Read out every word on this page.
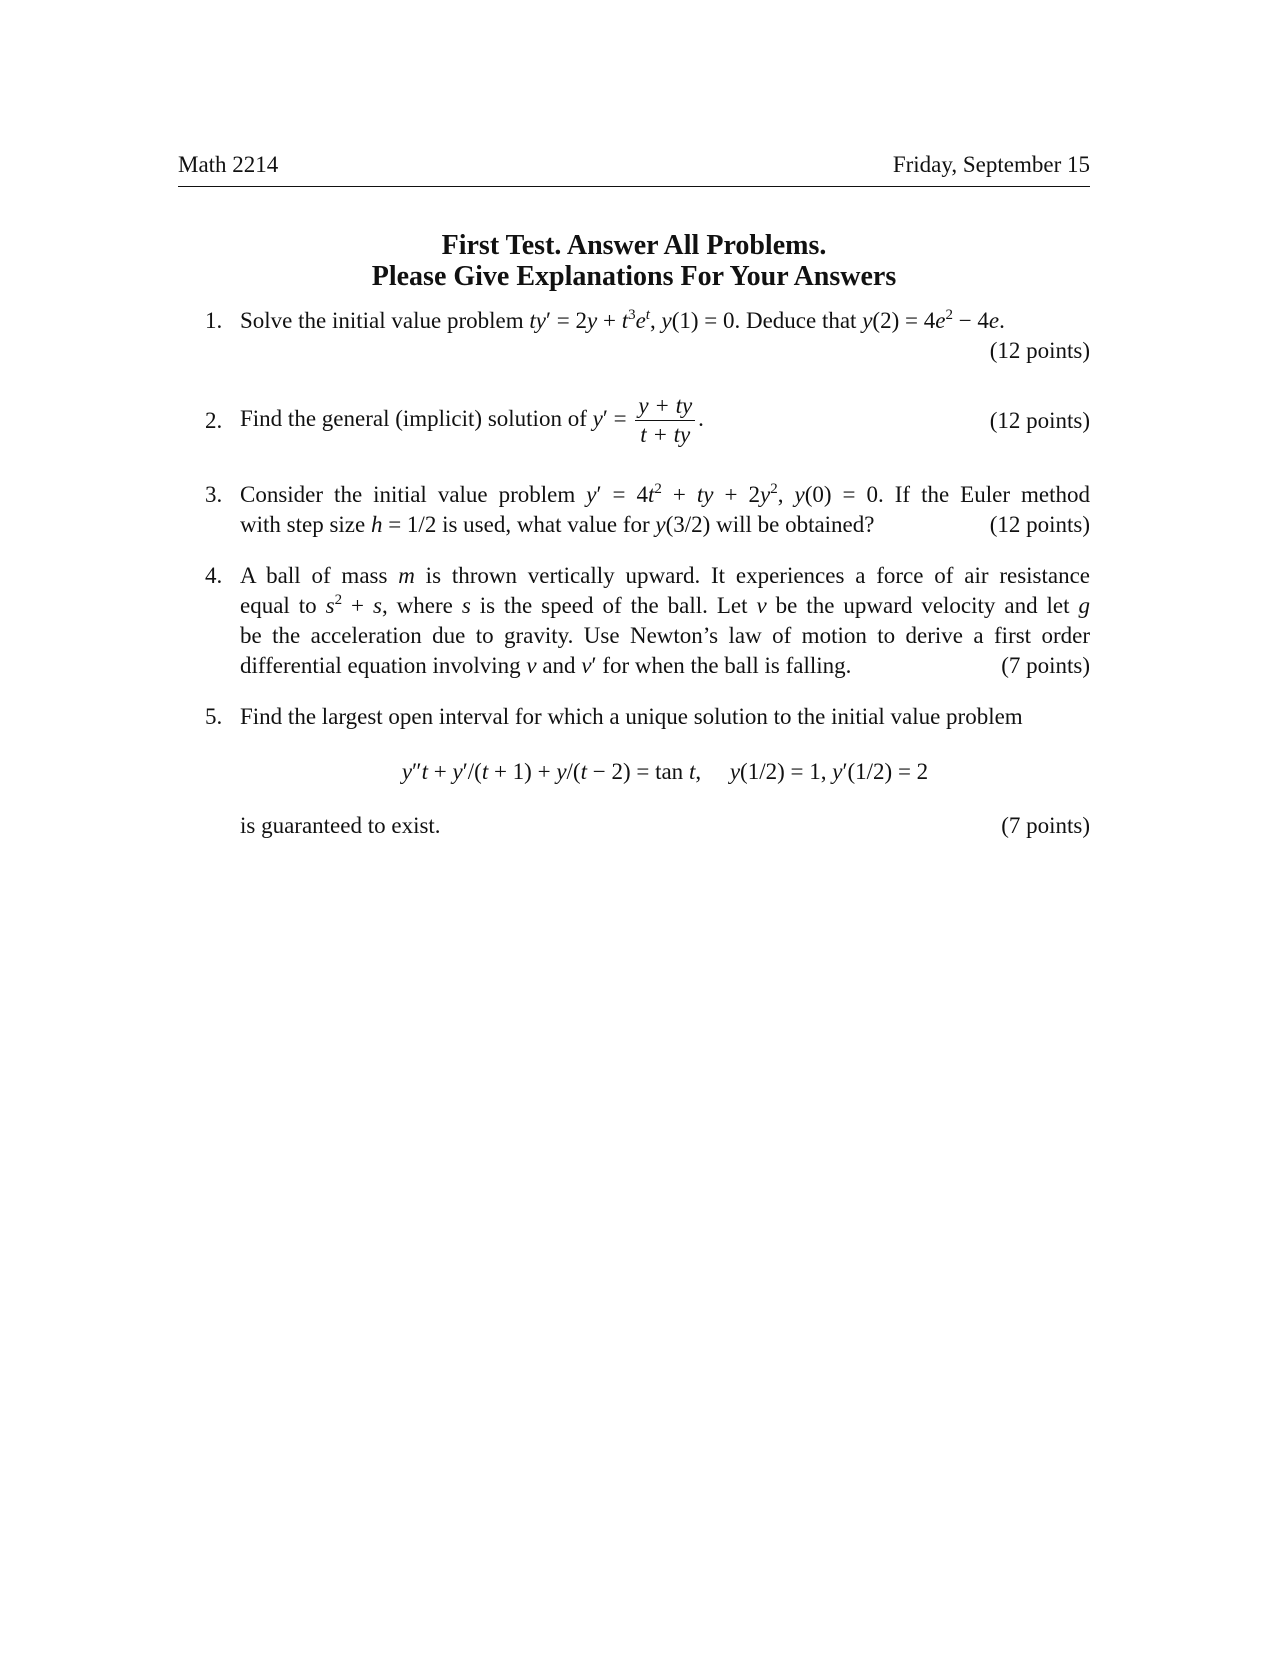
Math 2214	Friday, September 15
First Test. Answer All Problems.
Please Give Explanations For Your Answers
1. Solve the initial value problem $ty' = 2y + t^3e^t$, y(1) = 0. Deduce that $y(2) = 4e^2 - 4e$.
(12 points)
2. Find the general (implicit) solution of $y' = \frac{y + ty}{t + ty}$ .	(12 points)
3. Consider the initial value problem $y' = 4t^2$ + ty + $2y^2$, y(0) = 0. If the Euler method
with step size h = 1/2 is used, what value for y(3/2) will be obtained?	(12 points)
4. A ball of mass m is thrown vertically upward. It experiences a force of air resistance
equal to $s^2 + s$, where s is the speed of the ball. Let v be the upward velocity and let g
be the acceleration due to gravity. Use Newton’s law of motion to derive a first order
differential equation involving v and v′ for when the ball is falling.	(7 points)
5. Find the largest open interval for which a unique solution to the initial value problem
y″t + y′/(t + 1) + y/(t − 2) = tan t,     y(1/2) = 1, y′(1/2) = 2
is guaranteed to exist.	(7 points)
